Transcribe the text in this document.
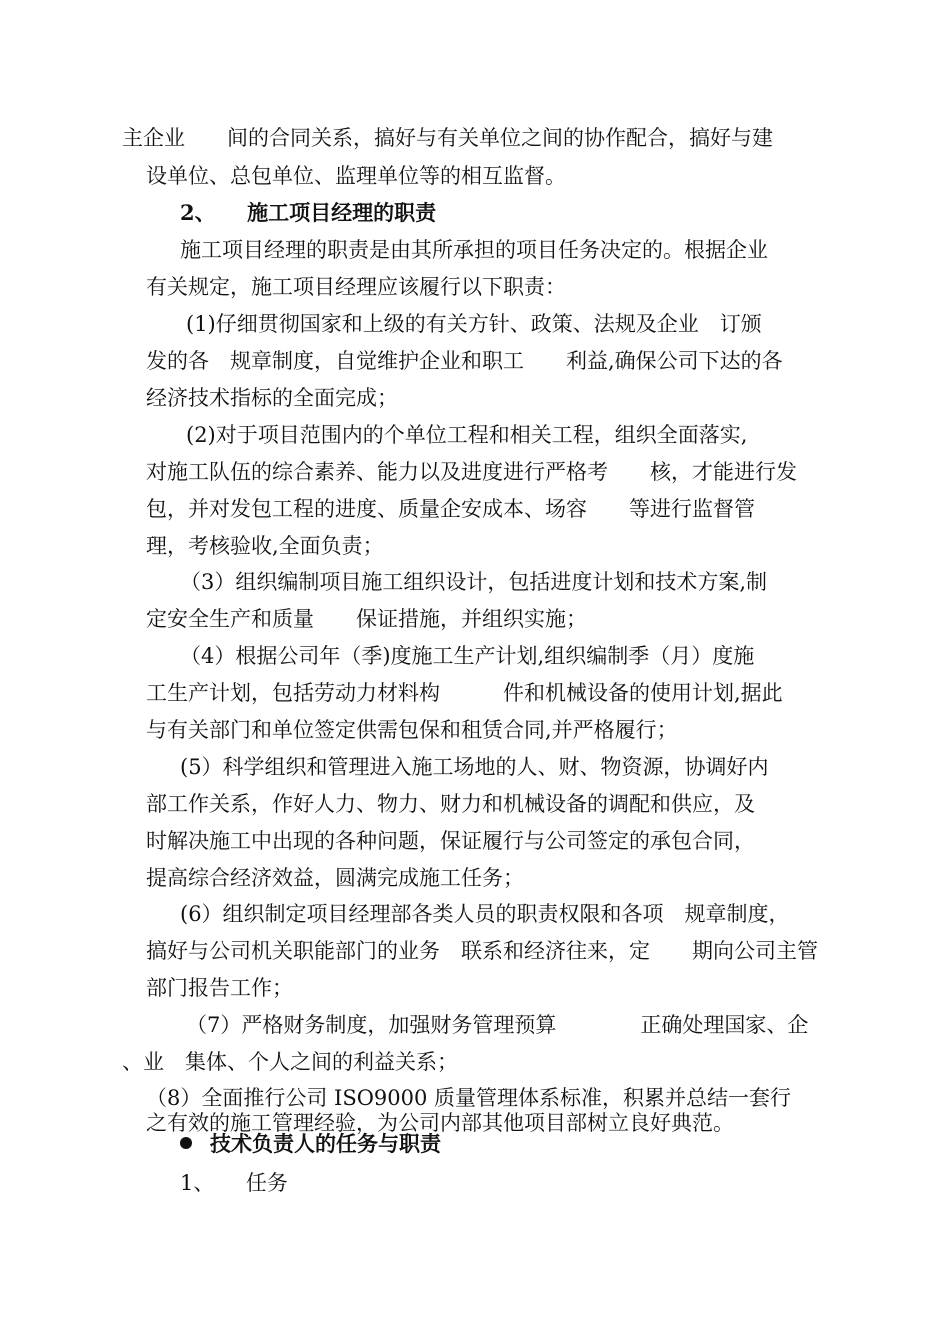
主企业　　间的合同关系，搞好与有关单位之间的协作配合，搞好与建
设单位、总包单位、监理单位等的相互监督。
2、　　施工项目经理的职责
施工项目经理的职责是由其所承担的项目任务决定的。根据企业
有关规定，施工项目经理应该履行以下职责：
(1)仔细贯彻国家和上级的有关方针、政策、法规及企业　订颁
发的各　规章制度，自觉维护企业和职工　　利益,确保公司下达的各
经济技术指标的全面完成；
(2)对于项目范围内的个单位工程和相关工程，组织全面落实,
对施工队伍的综合素养、能力以及进度进行严格考　　核，才能进行发
包，并对发包工程的进度、质量企安成本、场容　　等进行监督管
理，考核验收,全面负责；
（3）组织编制项目施工组织设计，包括进度计划和技术方案,制
定安全生产和质量　　保证措施，并组织实施；
（4）根据公司年（季)度施工生产计划,组织编制季（月）度施
工生产计划，包括劳动力材料构　　　件和机械设备的使用计划,据此
与有关部门和单位签定供需包保和租赁合同,并严格履行；
(5）科学组织和管理进入施工场地的人、财、物资源，协调好内
部工作关系，作好人力、物力、财力和机械设备的调配和供应，及
时解决施工中出现的各种问题，保证履行与公司签定的承包合同，
提高综合经济效益，圆满完成施工任务；
(6）组织制定项目经理部各类人员的职责权限和各项　规章制度，
搞好与公司机关职能部门的业务　联系和经济往来，定　　期向公司主管
部门报告工作；
（7）严格财务制度，加强财务管理预算　　　　正确处理国家、企
、业　集体、个人之间的利益关系；
（8）全面推行公司 ISO9000 质量管理体系标准，积累并总结一套行
之有效的施工管理经验，为公司内部其他项目部树立良好典范。
技术负责人的任务与职责
1、　　任务
